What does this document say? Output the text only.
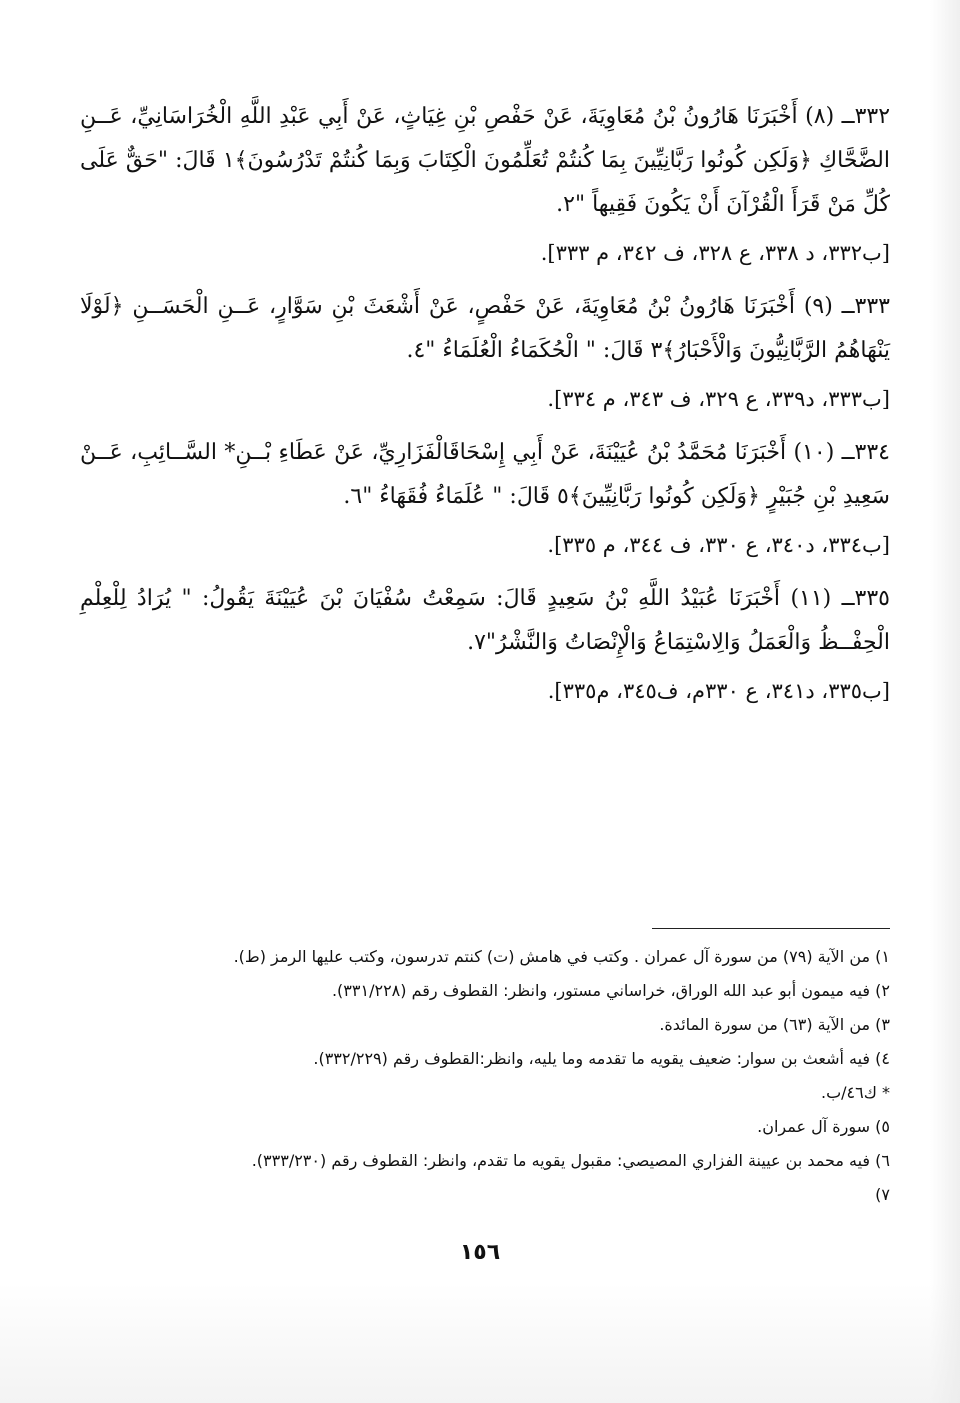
٣٣٢ــ (٨) أَخْبَرَنَا هَارُونُ بْنُ مُعَاوِيَةَ، عَنْ حَفْصِ بْنِ غِيَاثٍ، عَنْ أَبِي عَبْدِ اللَّهِ الْخُرَاسَانِيِّ، عَــنِ الضَّحَّاكِ ﴿وَلَكِن كُونُوا رَبَّانِيِّينَ بِمَا كُنتُمْ تُعَلِّمُونَ الْكِتَابَ وَبِمَا كُنتُمْ تَدْرُسُونَ﴾١ قَالَ: "حَقٌّ عَلَى كُلِّ مَنْ قَرَأَ الْقُرْآنَ أَنْ يَكُونَ فَقِيهاً "٢.

[ب٣٣٢، د ٣٣٨، ع ٣٢٨، ف ٣٤٢، م ٣٣٣].

٣٣٣ــ (٩) أَخْبَرَنَا هَارُونُ بْنُ مُعَاوِيَةَ، عَنْ حَفْصٍ، عَنْ أَشْعَثَ بْنِ سَوَّارٍ، عَــنِ الْحَسَــنِ ﴿لَوْلَا يَنْهَاهُمُ الرَّبَّانِيُّونَ وَالْأَحْبَارُ﴾٣ قَالَ: " الْحُكَمَاءُ الْعُلَمَاءُ "٤.

[ب٣٣٣، د٣٣٩، ع ٣٢٩، ف ٣٤٣، م ٣٣٤].

٣٣٤ــ (١٠) أَخْبَرَنَا مُحَمَّدُ بْنُ عُيَيْنَةَ، عَنْ أَبِي إِسْحَاقَالْفَزَارِيِّ، عَنْ عَطَاءِ بْــنِ* السَّــائِبِ، عَــنْ سَعِيدِ بْنِ جُبَيْرٍ ﴿وَلَكِن كُونُوا رَبَّانِيِّينَ﴾٥ قَالَ: " عُلَمَاءُ فُقَهَاءُ "٦.

[ب٣٣٤، د٣٤٠، ع ٣٣٠، ف ٣٤٤، م ٣٣٥].

٣٣٥ــ (١١) أَخْبَرَنَا عُبَيْدُ اللَّهِ بْنُ سَعِيدٍ قَالَ: سَمِعْتُ سُفْيَانَ بْنَ عُيَيْنَةَ يَقُولُ: " يُرَادُ لِلْعِلْمِ الْحِفْــظُ وَالْعَمَلُ وَالِاسْتِمَاعُ وَالْإِنْصَاتُ وَالنَّشْرُ"٧.

[ب٣٣٥، د٣٤١، ع ٣٣٠م، ف٣٤٥، م٣٣٥].

١) من الآية (٧٩) من سورة آل عمران . وكتب في هامش (ت) كنتم تدرسون، وكتب عليها الرمز (ط).

٢) فيه ميمون أبو عبد الله الوراق، خراساني مستور، وانظر: القطوف رقم (٣٣١/٢٢٨).

٣) من الآية (٦٣) من سورة المائدة.

٤) فيه أشعث بن سوار: ضعيف يقويه ما تقدمه وما يليه، وانظر:القطوف رقم (٣٣٢/٢٢٩).

* ك٤٦/ب.

٥) سورة آل عمران.

٦) فيه محمد بن عيينة الفزاري المصيصي: مقبول يقويه ما تقدم، وانظر: القطوف رقم (٣٣٣/٢٣٠).

٧)

١٥٦
